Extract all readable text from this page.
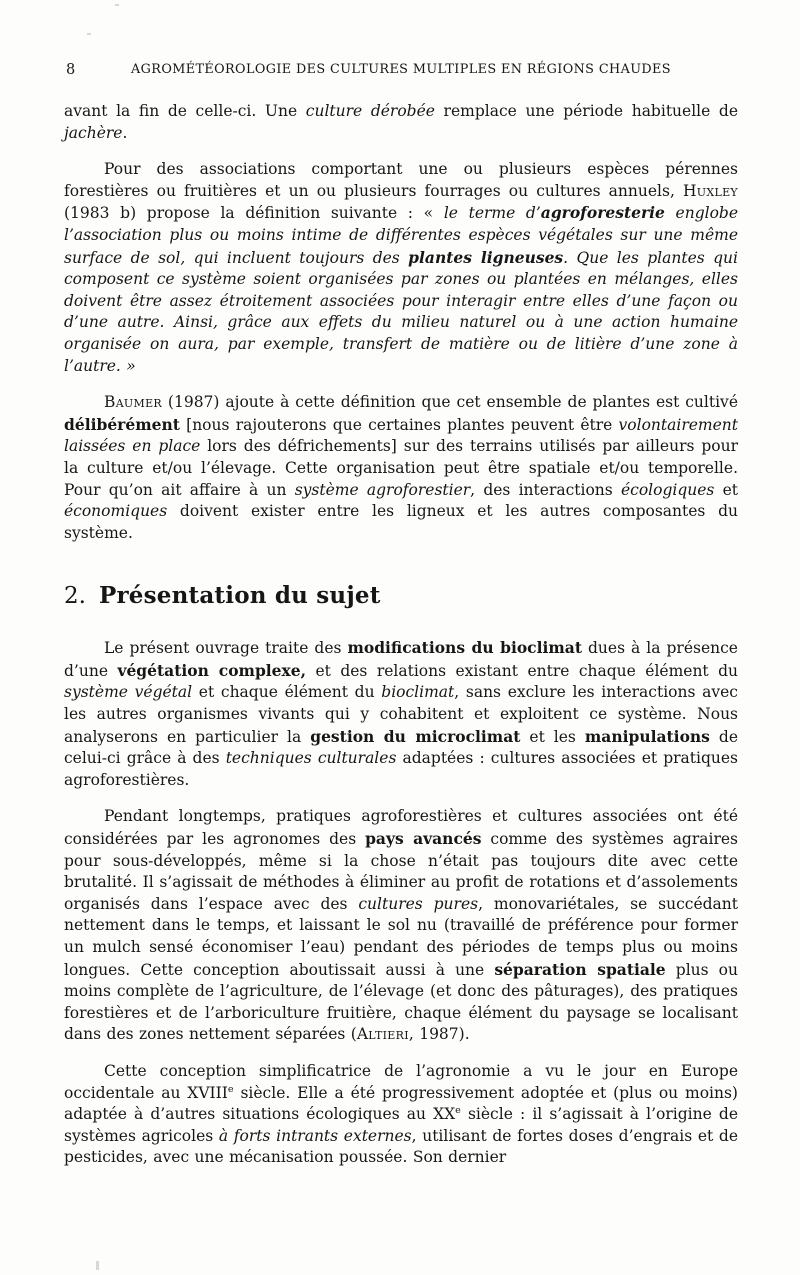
8	AGROMÉTÉOROLOGIE DES CULTURES MULTIPLES EN RÉGIONS CHAUDES

avant la fin de celle-ci. Une culture dérobée remplace une période habituelle de jachère.

Pour des associations comportant une ou plusieurs espèces pérennes forestières ou fruitières et un ou plusieurs fourrages ou cultures annuels, Huxley (1983 b) propose la définition suivante : « le terme d’agroforesterie englobe l’association plus ou moins intime de différentes espèces végétales sur une même surface de sol, qui incluent toujours des plantes ligneuses. Que les plantes qui composent ce système soient organisées par zones ou plantées en mélanges, elles doivent être assez étroitement associées pour interagir entre elles d’une façon ou d’une autre. Ainsi, grâce aux effets du milieu naturel ou à une action humaine organisée on aura, par exemple, transfert de matière ou de litière d’une zone à l’autre. »

Baumer (1987) ajoute à cette définition que cet ensemble de plantes est cultivé délibérément [nous rajouterons que certaines plantes peuvent être volontairement laissées en place lors des défrichements] sur des terrains utilisés par ailleurs pour la culture et/ou l’élevage. Cette organisation peut être spatiale et/ou temporelle. Pour qu’on ait affaire à un système agroforestier, des interactions écologiques et économiques doivent exister entre les ligneux et les autres composantes du système.

2. Présentation du sujet

Le présent ouvrage traite des modifications du bioclimat dues à la présence d’une végétation complexe, et des relations existant entre chaque élément du système végétal et chaque élément du bioclimat, sans exclure les interactions avec les autres organismes vivants qui y cohabitent et exploitent ce système. Nous analyserons en particulier la gestion du microclimat et les manipulations de celui-ci grâce à des techniques culturales adaptées : cultures associées et pratiques agroforestières.

Pendant longtemps, pratiques agroforestières et cultures associées ont été considérées par les agronomes des pays avancés comme des systèmes agraires pour sous-développés, même si la chose n’était pas toujours dite avec cette brutalité. Il s’agissait de méthodes à éliminer au profit de rotations et d’assolements organisés dans l’espace avec des cultures pures, monovariétales, se succédant nettement dans le temps, et laissant le sol nu (travaillé de préférence pour former un mulch sensé économiser l’eau) pendant des périodes de temps plus ou moins longues. Cette conception aboutissait aussi à une séparation spatiale plus ou moins complète de l’agriculture, de l’élevage (et donc des pâturages), des pratiques forestières et de l’arboriculture fruitière, chaque élément du paysage se localisant dans des zones nettement séparées (Altieri, 1987).

Cette conception simplificatrice de l’agronomie a vu le jour en Europe occidentale au XVIIIe siècle. Elle a été progressivement adoptée et (plus ou moins) adaptée à d’autres situations écologiques au XXe siècle : il s’agissait à l’origine de systèmes agricoles à forts intrants externes, utilisant de fortes doses d’engrais et de pesticides, avec une mécanisation poussée. Son dernier
